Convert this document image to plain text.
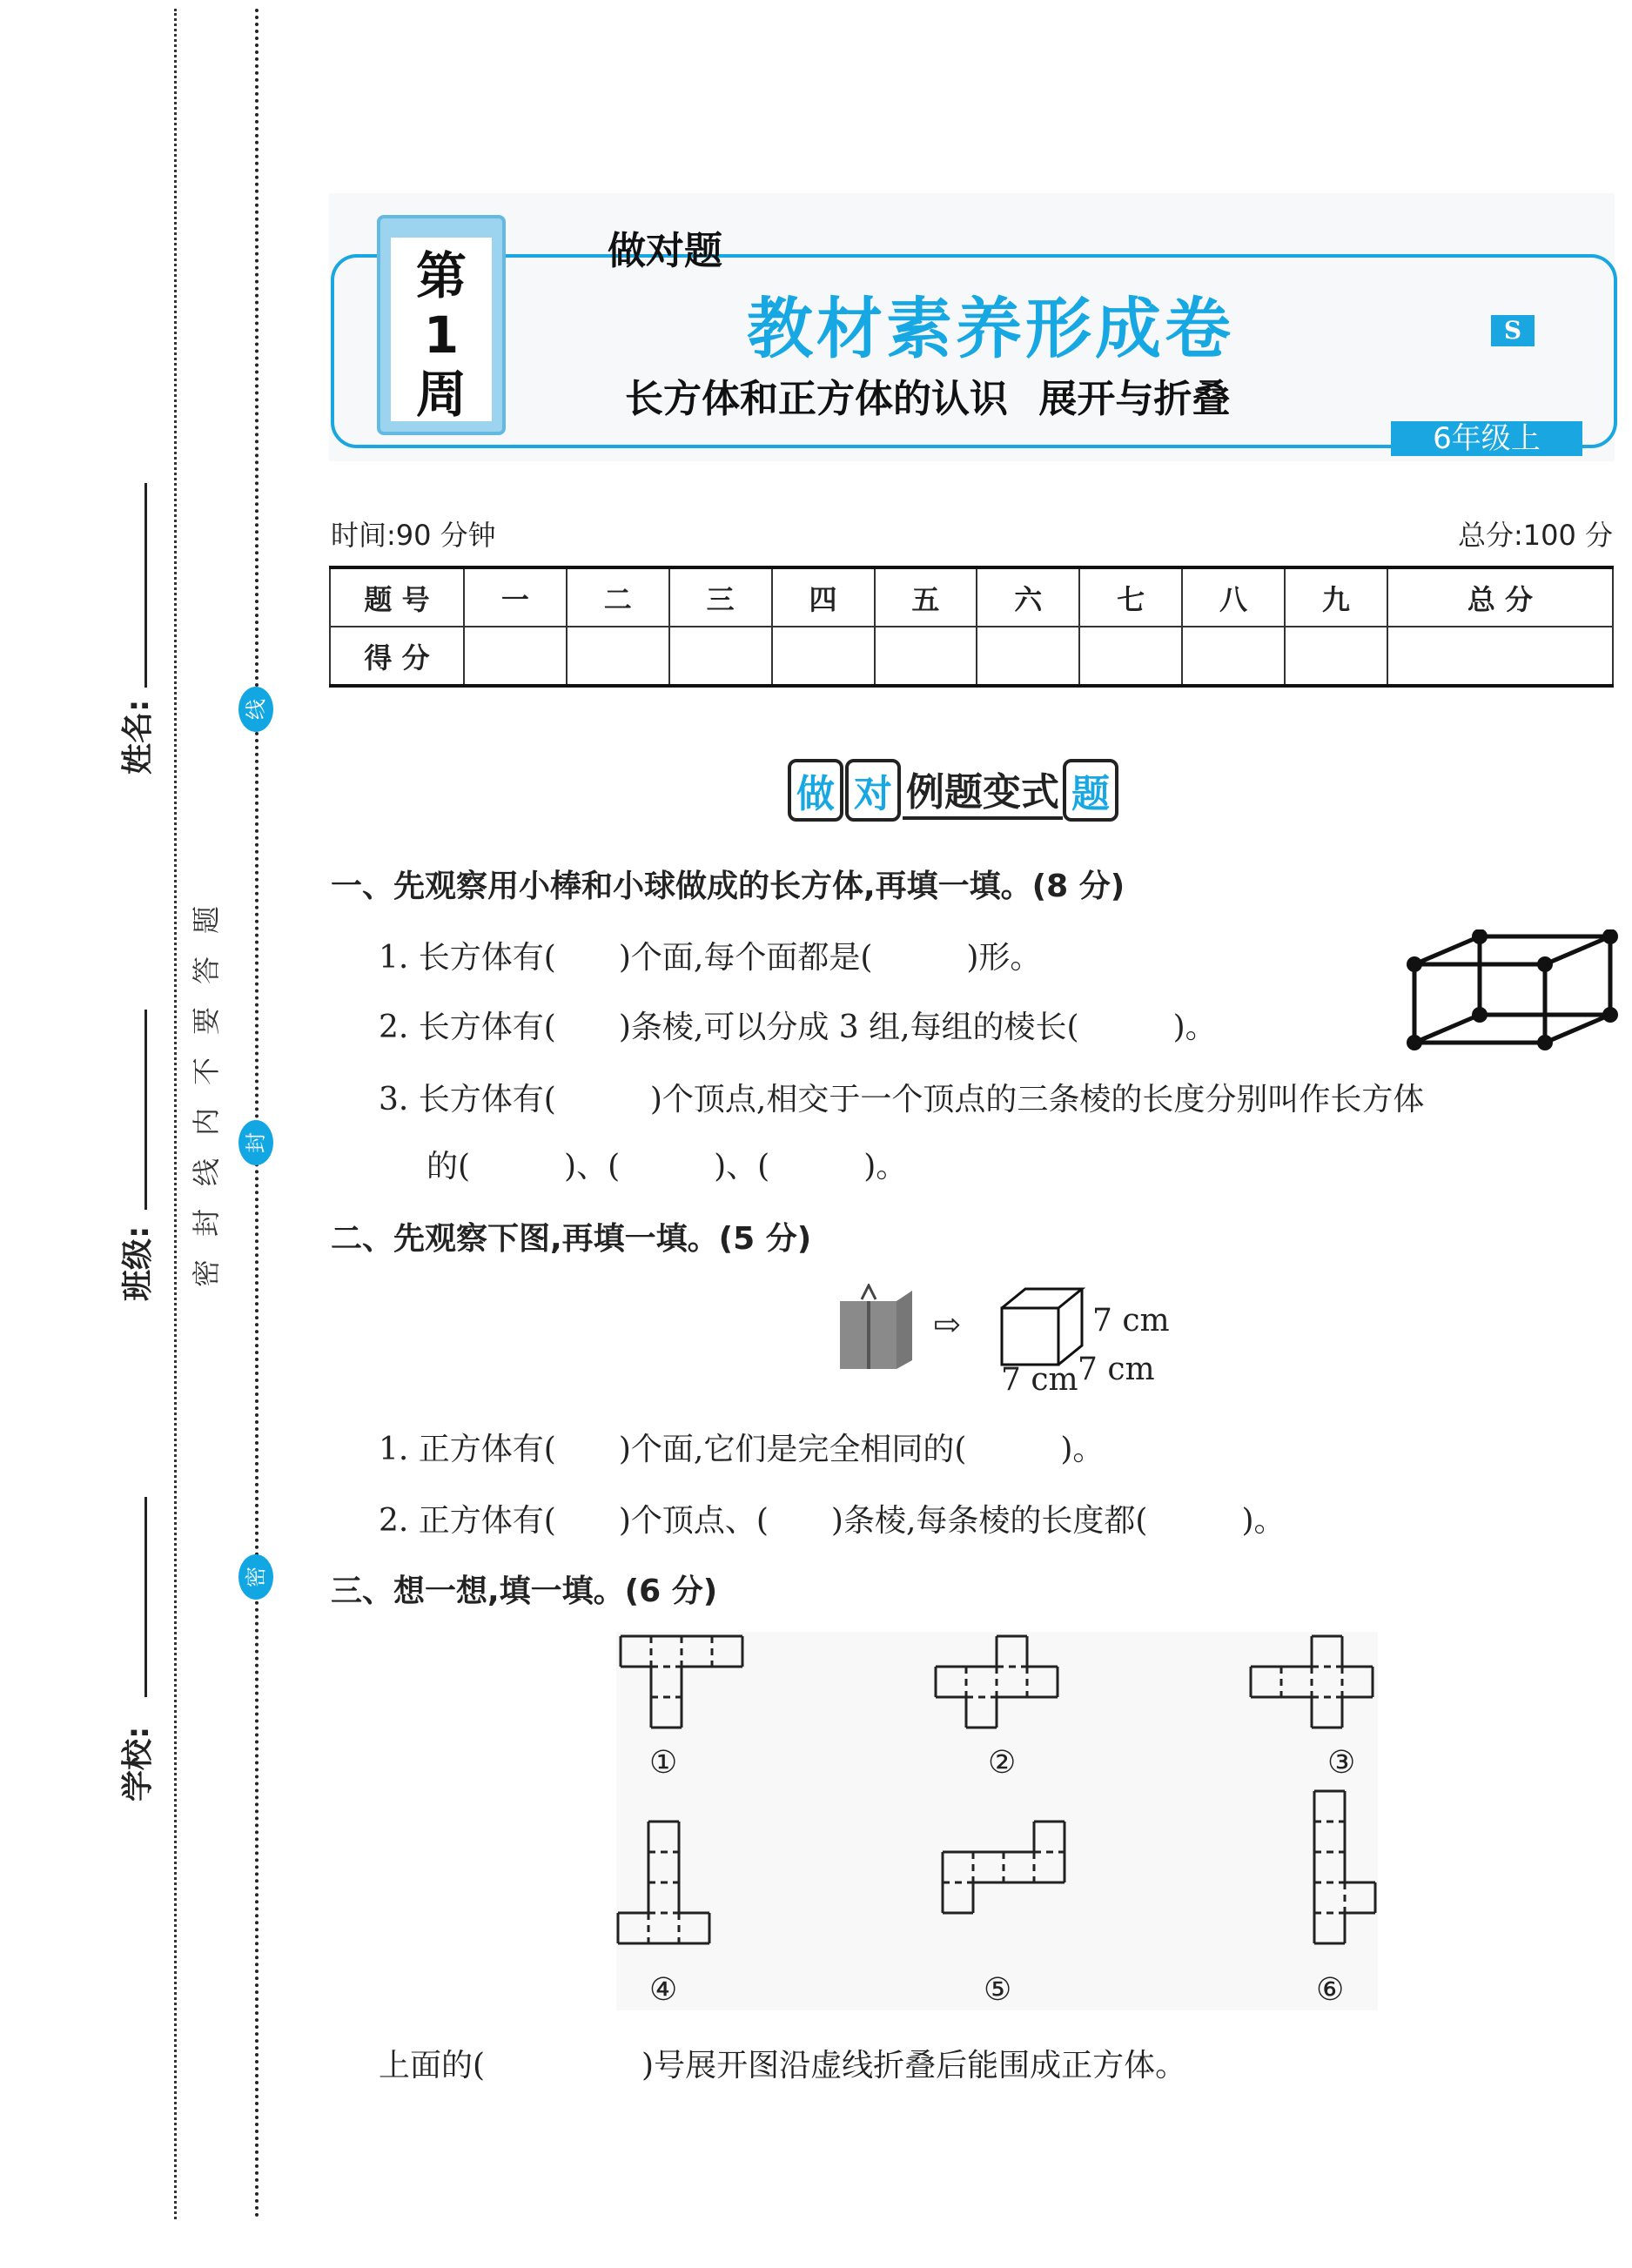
姓名:
班级:
学校:
线
封
密
密封线内不要答题
第
1
周
做对题
教材素养形成卷
长方体和正方体的认识 展开与折叠
S
6年级上
时间:90 分钟	总分:100 分
题 号	一	二	三	四	五	六	七	八	九	总 分
得 分										
做 对 例题变式 题
一、先观察用小棒和小球做成的长方体,再填一填。(8 分)
1. 长方体有(　　)个面,每个面都是(　　　)形。
2. 长方体有(　　)条棱,可以分成 3 组,每组的棱长(　　　)。
3. 长方体有(　　　)个顶点,相交于一个顶点的三条棱的长度分别叫作长方体
的(　　　)、(　　　)、(　　　)。
二、先观察下图,再填一填。(5 分)
⇨	7 cm
7 cm 7 cm
1. 正方体有(　　)个面,它们是完全相同的(　　　)。
2. 正方体有(　　)个顶点、(　　)条棱,每条棱的长度都(　　　)。
三、想一想,填一填。(6 分)
①	②	③
④	⑤	⑥
上面的(　　　　　)号展开图沿虚线折叠后能围成正方体。
